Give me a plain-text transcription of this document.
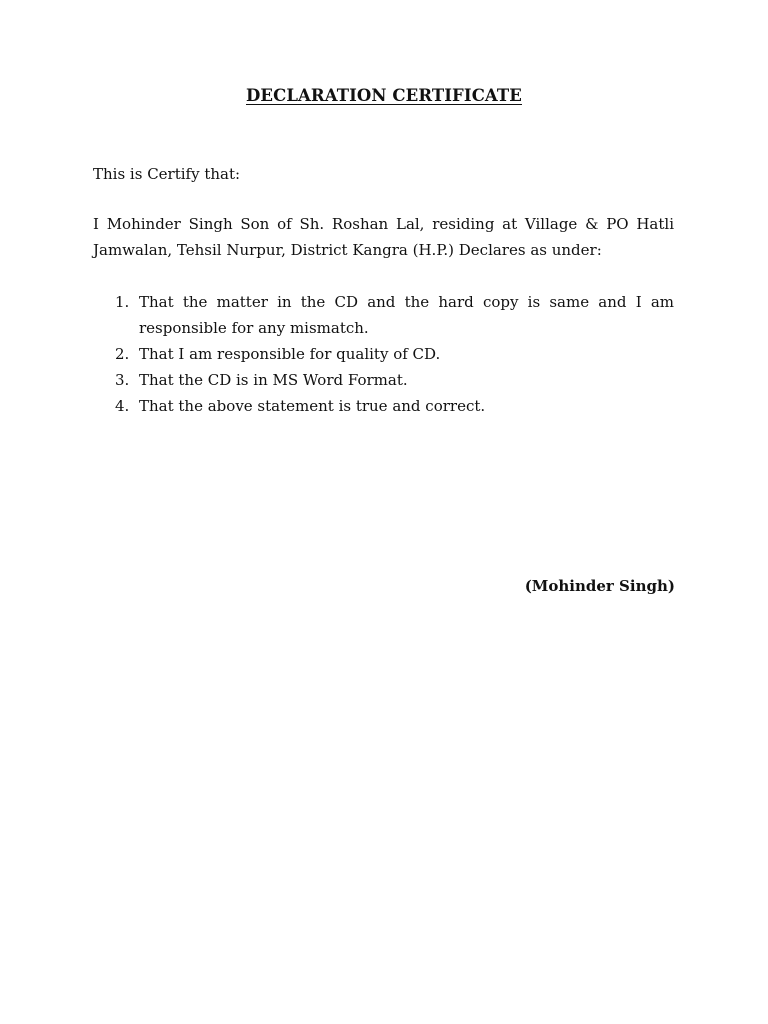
DECLARATION CERTIFICATE
This is Certify that:
I Mohinder Singh Son of Sh. Roshan Lal, residing at Village & PO Hatli Jamwalan, Tehsil Nurpur, District Kangra (H.P.) Declares as under:
1. That the matter in the CD and the hard copy is same and I am responsible for any mismatch.
2. That I am responsible for quality of CD.
3. That the CD is in MS Word Format.
4. That the above statement is true and correct.
(Mohinder Singh)
